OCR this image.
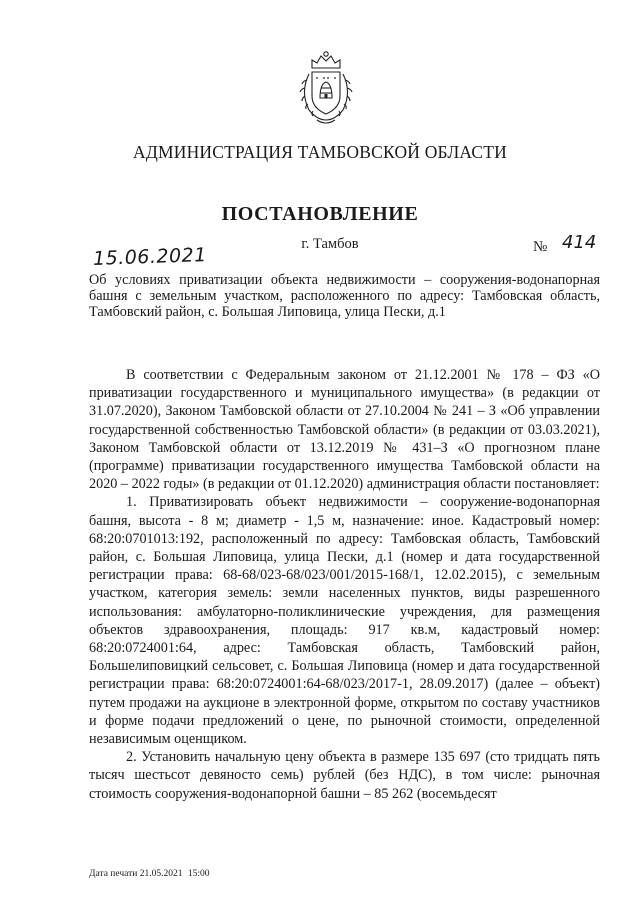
АДМИНИСТРАЦИЯ ТАМБОВСКОЙ ОБЛАСТИ
ПОСТАНОВЛЕНИЕ
15.06.2021
г. Тамбов	№ 414
Об условиях приватизации объекта недвижимости – сооружения-водонапорная башня с земельным участком, расположенного по адресу: Тамбовская область, Тамбовский район, с. Большая Липовица, улица Пески, д.1

В соответствии с Федеральным законом от 21.12.2001 № 178 – ФЗ «О приватизации государственного и муниципального имущества» (в редакции от 31.07.2020), Законом Тамбовской области от 27.10.2004 № 241 – З «Об управлении государственной собственностью Тамбовской области» (в редакции от 03.03.2021), Законом Тамбовской области от 13.12.2019 № 431–З «О прогнозном плане (программе) приватизации государственного имущества Тамбовской области на 2020 – 2022 годы» (в редакции от 01.12.2020) администрация области постановляет:

1. Приватизировать объект недвижимости – сооружение-водонапорная башня, высота - 8 м; диаметр - 1,5 м, назначение: иное. Кадастровый номер: 68:20:0701013:192, расположенный по адресу: Тамбовская область, Тамбовский район, с. Большая Липовица, улица Пески, д.1 (номер и дата государственной регистрации права: 68-68/023-68/023/001/2015-168/1, 12.02.2015), с земельным участком, категория земель: земли населенных пунктов, виды разрешенного использования: амбулаторно-поликлинические учреждения, для размещения объектов здравоохранения, площадь: 917 кв.м, кадастровый номер: 68:20:0724001:64, адрес: Тамбовская область, Тамбовский район, Большелиповицкий сельсовет, с. Большая Липовица (номер и дата государственной регистрации права: 68:20:0724001:64-68/023/2017-1, 28.09.2017) (далее – объект) путем продажи на аукционе в электронной форме, открытом по составу участников и форме подачи предложений о цене, по рыночной стоимости, определенной независимым оценщиком.

2. Установить начальную цену объекта в размере 135 697 (сто тридцать пять тысяч шестьсот девяносто семь) рублей (без НДС), в том числе: рыночная стоимость сооружения-водонапорной башни – 85 262 (восемьдесят

Дата печати 21.05.2021 15:00
